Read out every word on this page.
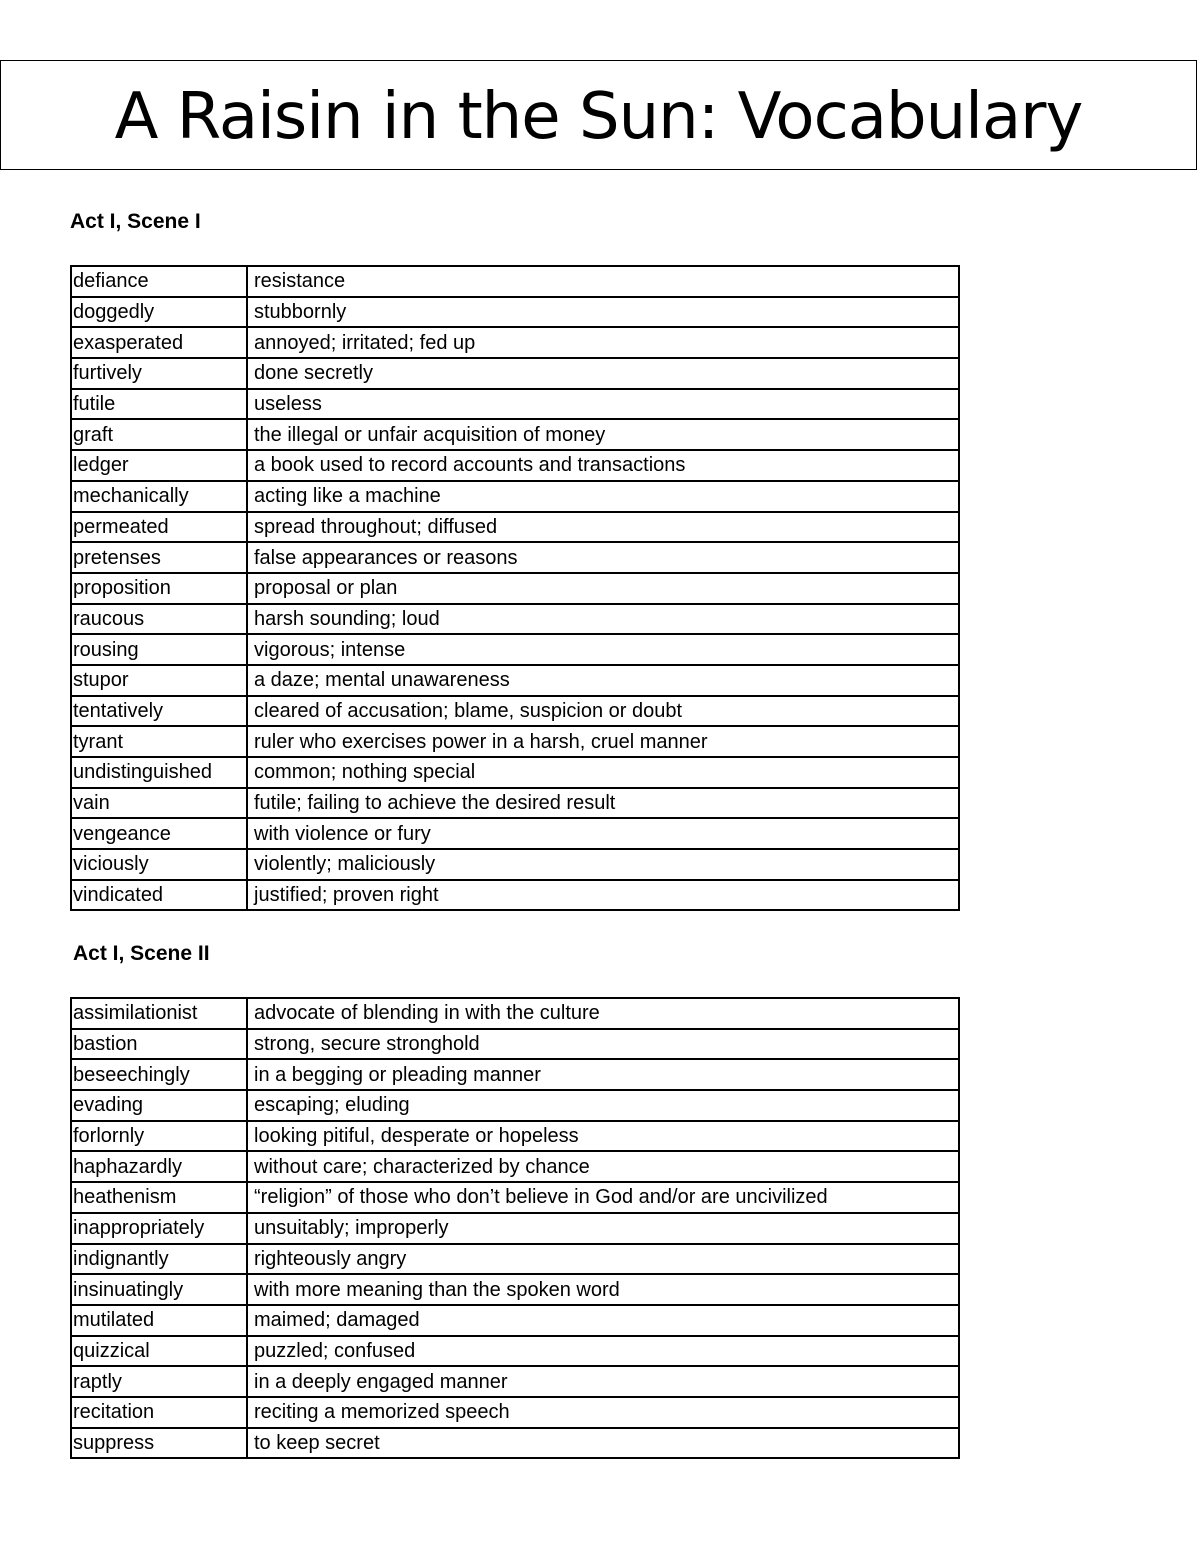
A Raisin in the Sun: Vocabulary
Act I, Scene I
defiance	resistance
doggedly	stubbornly
exasperated	annoyed; irritated; fed up
furtively	done secretly
futile	useless
graft	the illegal or unfair acquisition of money
ledger	a book used to record accounts and transactions
mechanically	acting like a machine
permeated	spread throughout; diffused
pretenses	false appearances or reasons
proposition	proposal or plan
raucous	harsh sounding; loud
rousing	vigorous; intense
stupor	a daze; mental unawareness
tentatively	cleared of accusation; blame, suspicion or doubt
tyrant	ruler who exercises power in a harsh, cruel manner
undistinguished	common; nothing special
vain	futile; failing to achieve the desired result
vengeance	with violence or fury
viciously	violently; maliciously
vindicated	justified; proven right
Act I, Scene II
assimilationist	advocate of blending in with the culture
bastion	strong, secure stronghold
beseechingly	in a begging or pleading manner
evading	escaping; eluding
forlornly	looking pitiful, desperate or hopeless
haphazardly	without care; characterized by chance
heathenism	“religion” of those who don’t believe in God and/or are uncivilized
inappropriately	unsuitably; improperly
indignantly	righteously angry
insinuatingly	with more meaning than the spoken word
mutilated	maimed; damaged
quizzical	puzzled; confused
raptly	in a deeply engaged manner
recitation	reciting a memorized speech
suppress	to keep secret
